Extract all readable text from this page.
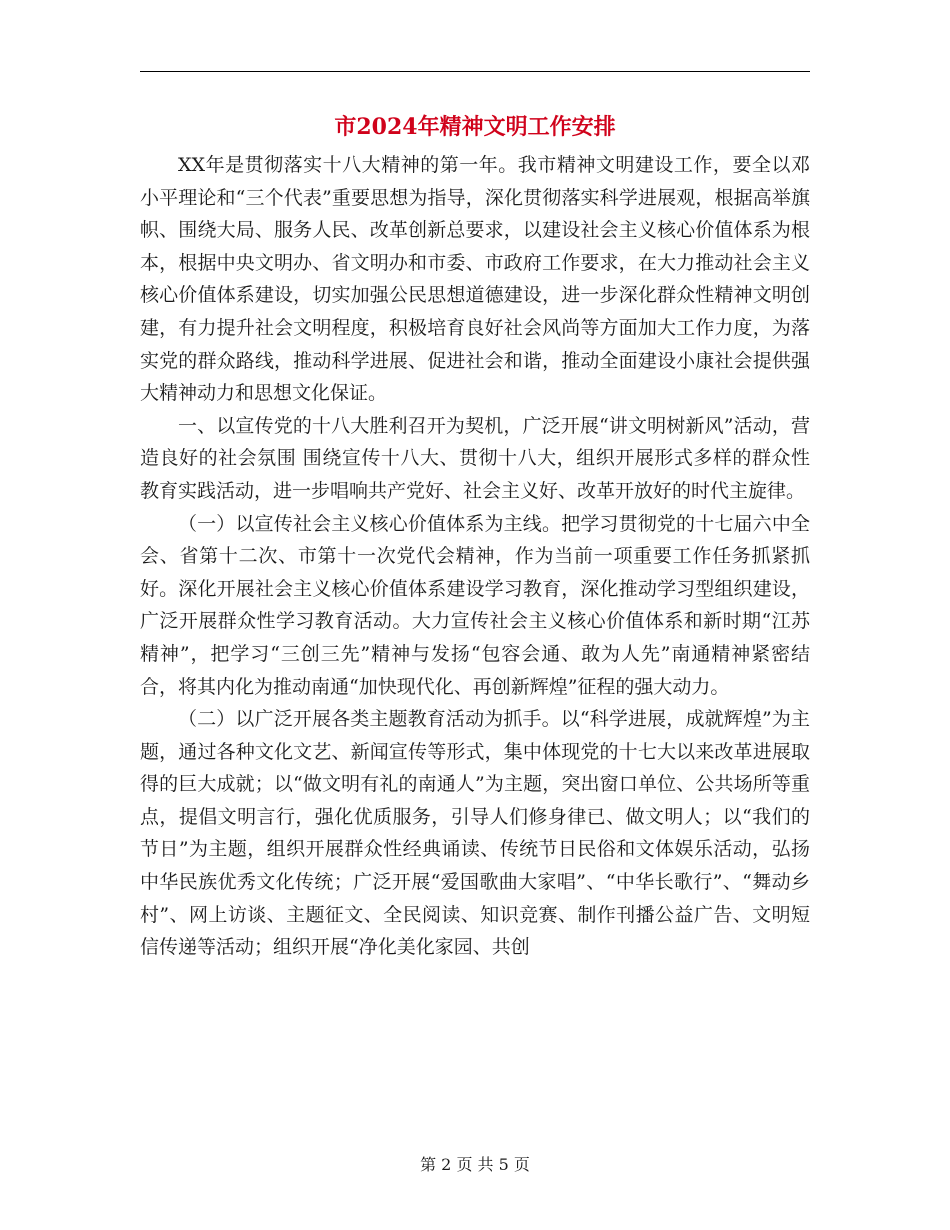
市2024年精神文明工作安排

XX年是贯彻落实十八大精神的第一年。我市精神文明建设工作，要全以邓小平理论和“三个代表”重要思想为指导，深化贯彻落实科学进展观，根据高举旗帜、围绕大局、服务人民、改革创新总要求，以建设社会主义核心价值体系为根本，根据中央文明办、省文明办和市委、市政府工作要求，在大力推动社会主义核心价值体系建设，切实加强公民思想道德建设，进一步深化群众性精神文明创建，有力提升社会文明程度，积极培育良好社会风尚等方面加大工作力度，为落实党的群众路线，推动科学进展、促进社会和谐，推动全面建设小康社会提供强大精神动力和思想文化保证。

一、以宣传党的十八大胜利召开为契机，广泛开展“讲文明树新风”活动，营造良好的社会氛围 围绕宣传十八大、贯彻十八大，组织开展形式多样的群众性教育实践活动，进一步唱响共产党好、社会主义好、改革开放好的时代主旋律。

（一）以宣传社会主义核心价值体系为主线。把学习贯彻党的十七届六中全会、省第十二次、市第十一次党代会精神，作为当前一项重要工作任务抓紧抓好。深化开展社会主义核心价值体系建设学习教育，深化推动学习型组织建设，广泛开展群众性学习教育活动。大力宣传社会主义核心价值体系和新时期“江苏精神”，把学习“三创三先”精神与发扬“包容会通、敢为人先”南通精神紧密结合，将其内化为推动南通“加快现代化、再创新辉煌”征程的强大动力。

（二）以广泛开展各类主题教育活动为抓手。以“科学进展，成就辉煌”为主题，通过各种文化文艺、新闻宣传等形式，集中体现党的十七大以来改革进展取得的巨大成就；以“做文明有礼的南通人”为主题，突出窗口单位、公共场所等重点，提倡文明言行，强化优质服务，引导人们修身律已、做文明人；以“我们的节日”为主题，组织开展群众性经典诵读、传统节日民俗和文体娱乐活动，弘扬中华民族优秀文化传统；广泛开展“爱国歌曲大家唱”、“中华长歌行”、“舞动乡村”、网上访谈、主题征文、全民阅读、知识竞赛、制作刊播公益广告、文明短信传递等活动；组织开展“净化美化家园、共创

第 2 页 共 5 页
